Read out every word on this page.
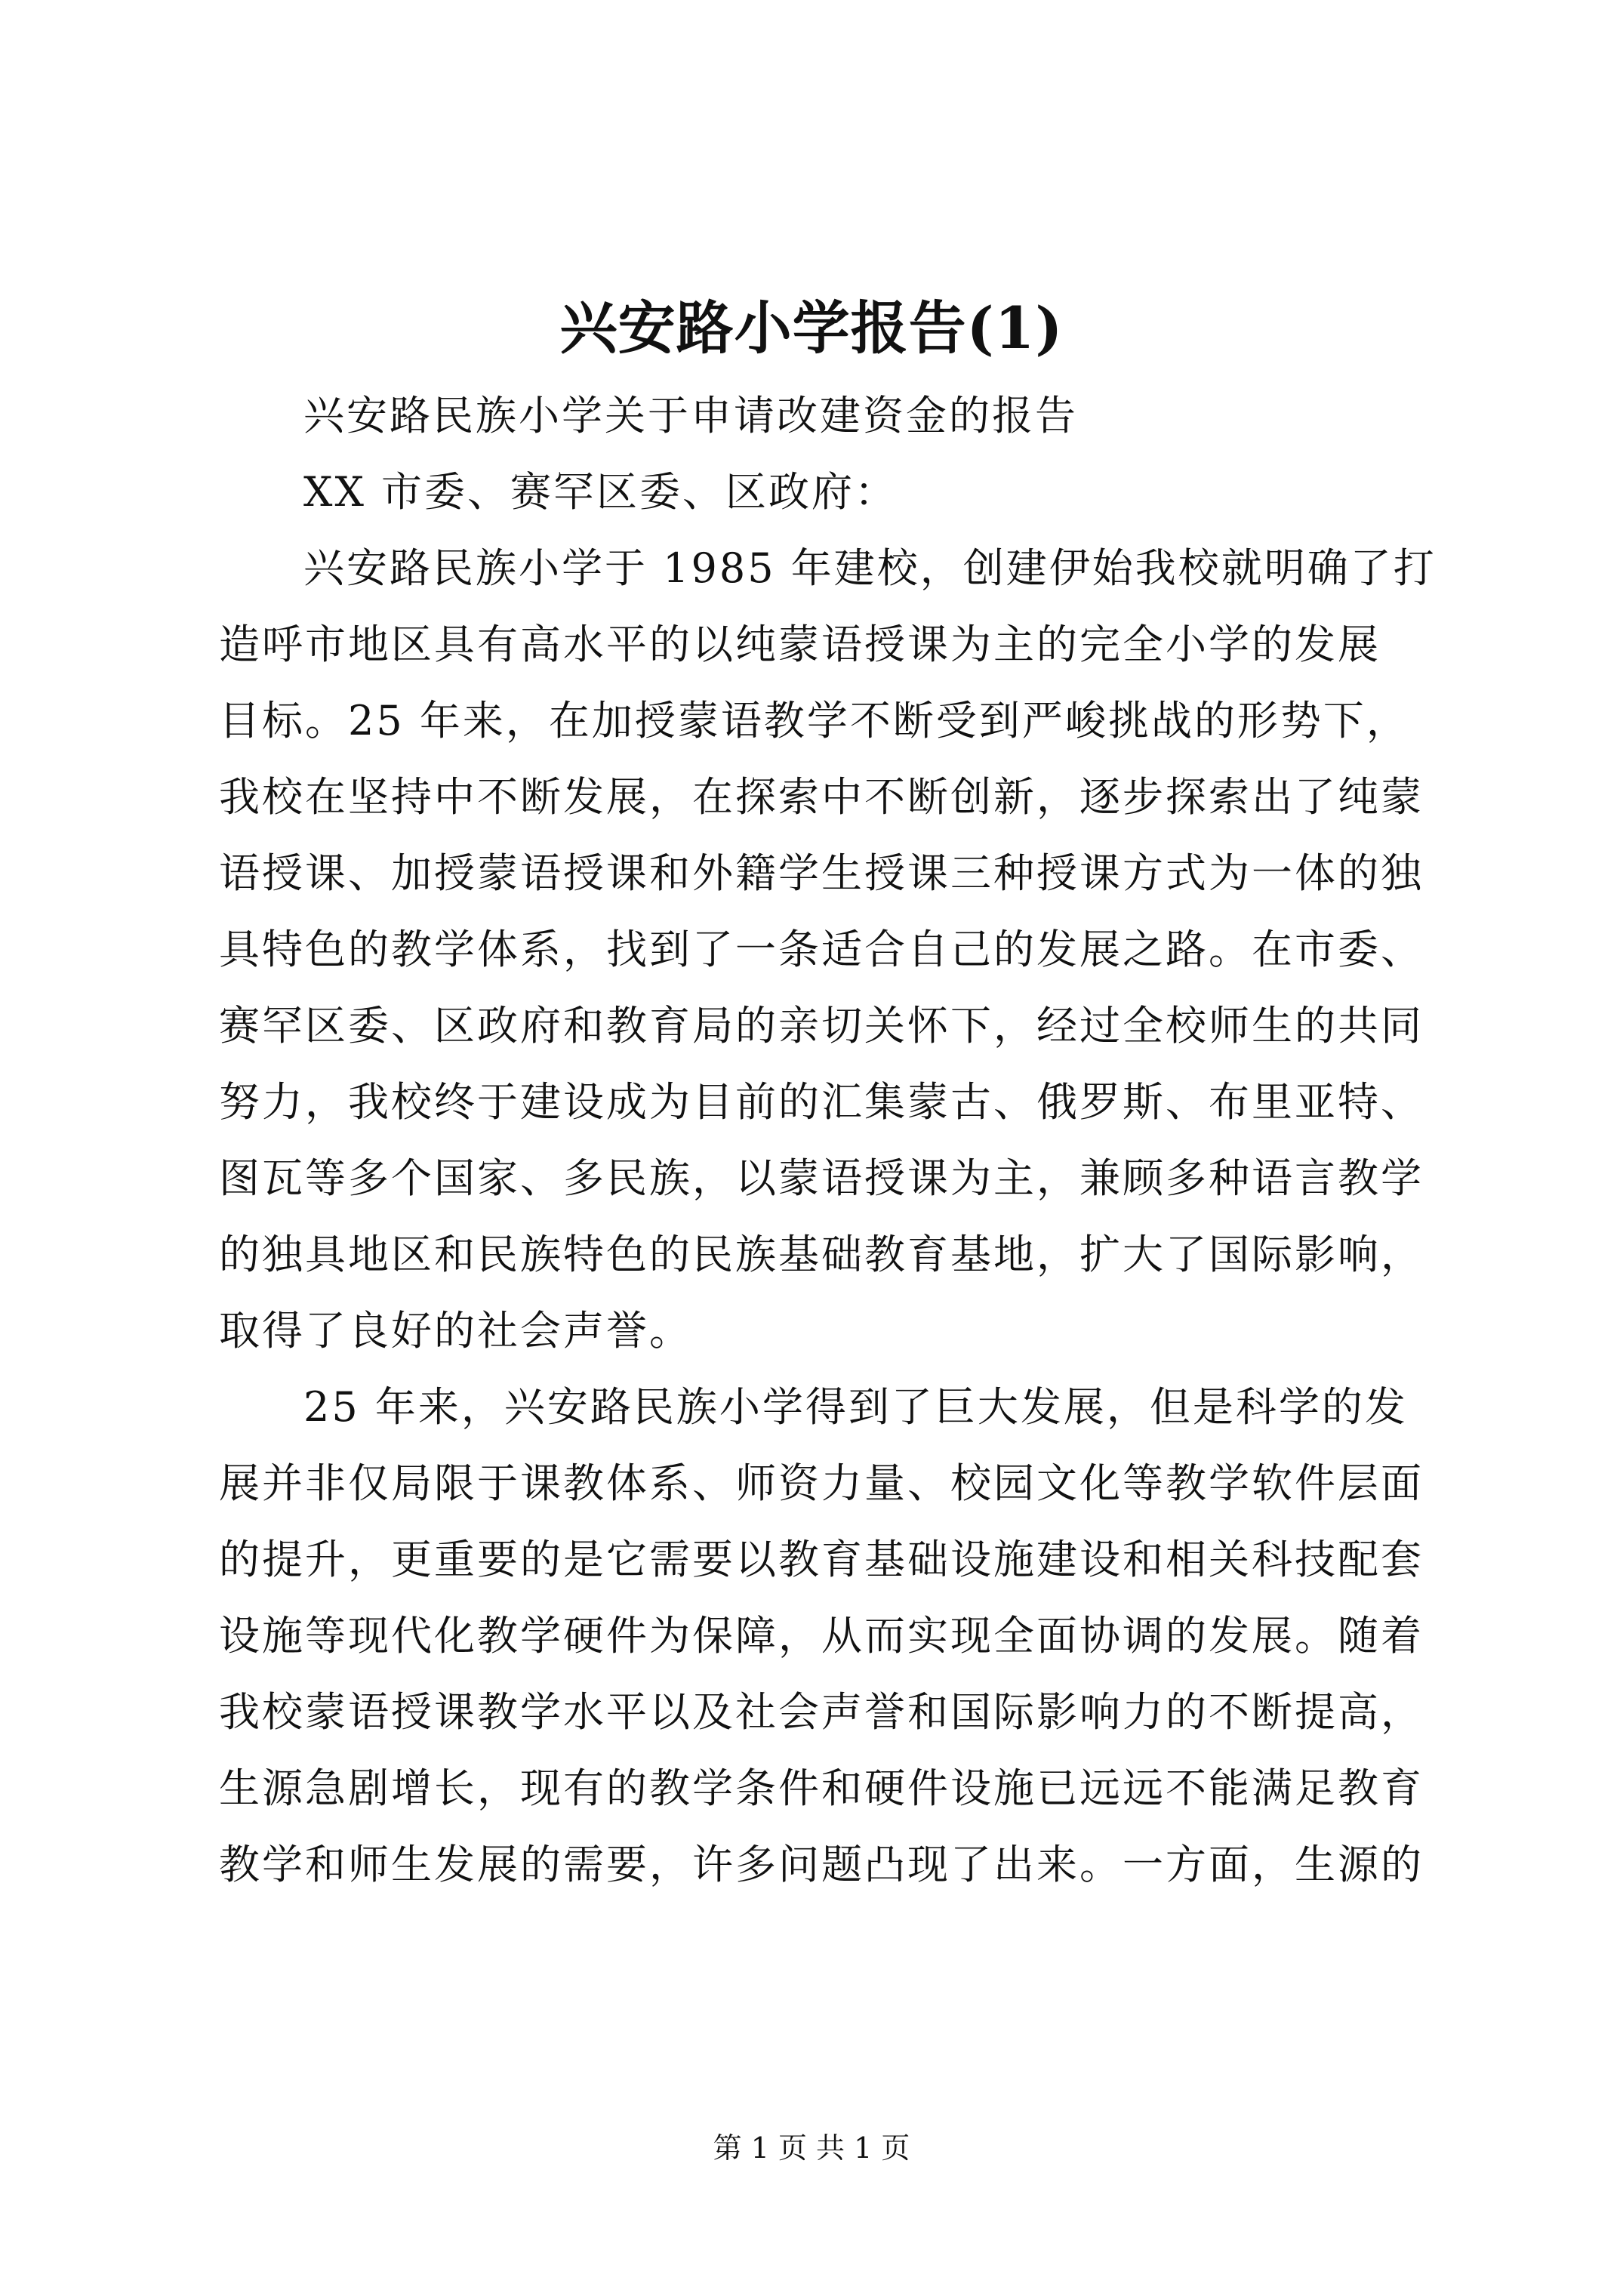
兴安路小学报告(1)
兴安路民族小学关于申请改建资金的报告
XX 市委、赛罕区委、区政府：
兴安路民族小学于 1985 年建校，创建伊始我校就明确了打
造呼市地区具有高水平的以纯蒙语授课为主的完全小学的发展
目标。25 年来，在加授蒙语教学不断受到严峻挑战的形势下，
我校在坚持中不断发展，在探索中不断创新，逐步探索出了纯蒙
语授课、加授蒙语授课和外籍学生授课三种授课方式为一体的独
具特色的教学体系，找到了一条适合自己的发展之路。在市委、
赛罕区委、区政府和教育局的亲切关怀下，经过全校师生的共同
努力，我校终于建设成为目前的汇集蒙古、俄罗斯、布里亚特、
图瓦等多个国家、多民族，以蒙语授课为主，兼顾多种语言教学
的独具地区和民族特色的民族基础教育基地，扩大了国际影响，
取得了良好的社会声誉。
25 年来，兴安路民族小学得到了巨大发展，但是科学的发
展并非仅局限于课教体系、师资力量、校园文化等教学软件层面
的提升，更重要的是它需要以教育基础设施建设和相关科技配套
设施等现代化教学硬件为保障，从而实现全面协调的发展。随着
我校蒙语授课教学水平以及社会声誉和国际影响力的不断提高，
生源急剧增长，现有的教学条件和硬件设施已远远不能满足教育
教学和师生发展的需要，许多问题凸现了出来。一方面，生源的
第 1 页 共 1 页
